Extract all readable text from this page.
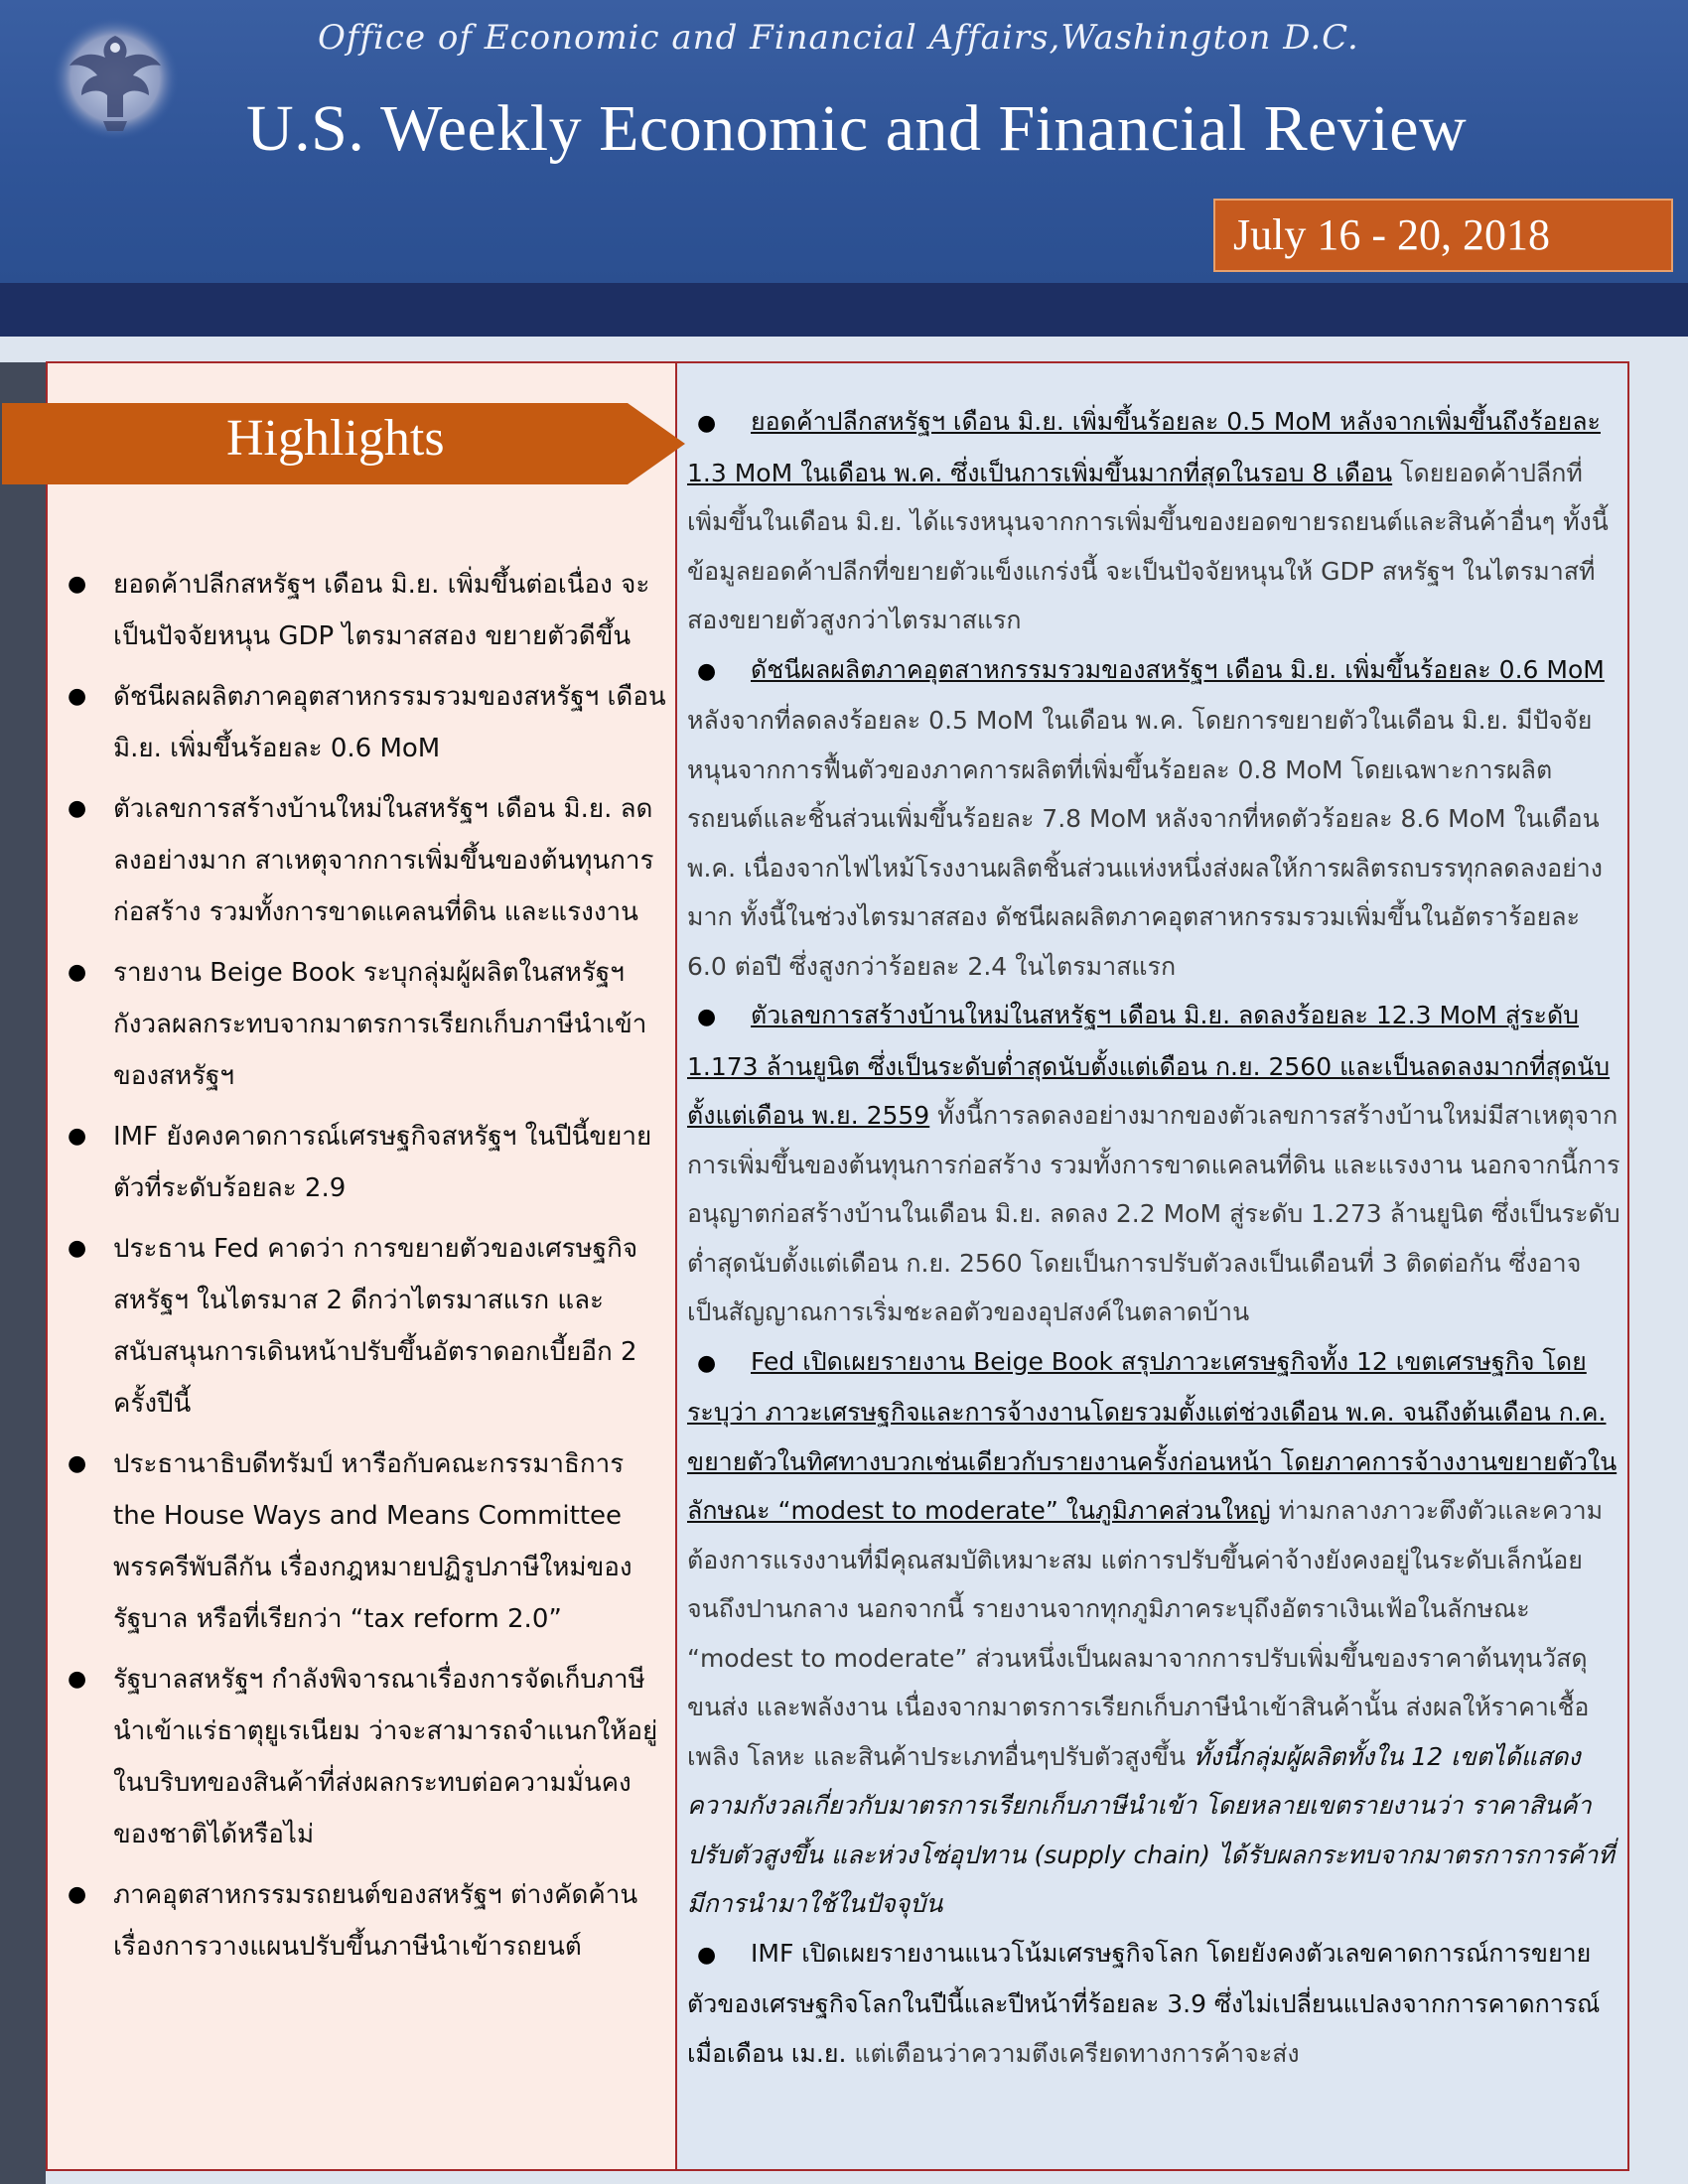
Office of Economic and Financial Affairs,Washington D.C.
U.S. Weekly Economic and Financial Review
July 16 - 20, 2018
Highlights
● ยอดค้าปลีกสหรัฐฯ เดือน มิ.ย. เพิ่มขึ้นต่อเนื่อง จะเป็นปัจจัยหนุน GDP ไตรมาสสอง ขยายตัวดีขึ้น
● ดัชนีผลผลิตภาคอุตสาหกรรมรวมของสหรัฐฯ เดือน มิ.ย. เพิ่มขึ้นร้อยละ 0.6 MoM
● ตัวเลขการสร้างบ้านใหม่ในสหรัฐฯ เดือน มิ.ย. ลดลงอย่างมาก สาเหตุจากการเพิ่มขึ้นของต้นทุนการก่อสร้าง รวมทั้งการขาดแคลนที่ดิน และแรงงาน
● รายงาน Beige Book ระบุกลุ่มผู้ผลิตในสหรัฐฯ กังวลผลกระทบจากมาตรการเรียกเก็บภาษีนำเข้าของสหรัฐฯ
● IMF ยังคงคาดการณ์เศรษฐกิจสหรัฐฯ ในปีนี้ขยายตัวที่ระดับร้อยละ 2.9
● ประธาน Fed คาดว่า การขยายตัวของเศรษฐกิจสหรัฐฯ ในไตรมาส 2 ดีกว่าไตรมาสแรก และสนับสนุนการเดินหน้าปรับขึ้นอัตราดอกเบี้ยอีก 2 ครั้งปีนี้
● ประธานาธิบดีทรัมป์ หารือกับคณะกรรมาธิการ the House Ways and Means Committee พรรครีพับลีกัน เรื่องกฎหมายปฏิรูปภาษีใหม่ของรัฐบาล หรือที่เรียกว่า “tax reform 2.0”
● รัฐบาลสหรัฐฯ กำลังพิจารณาเรื่องการจัดเก็บภาษีนำเข้าแร่ธาตุยูเรเนียม ว่าจะสามารถจำแนกให้อยู่ในบริบทของสินค้าที่ส่งผลกระทบต่อความมั่นคงของชาติได้หรือไม่
● ภาคอุตสาหกรรมรถยนต์ของสหรัฐฯ ต่างคัดค้านเรื่องการวางแผนปรับขึ้นภาษีนำเข้ารถยนต์

● ยอดค้าปลีกสหรัฐฯ เดือน มิ.ย. เพิ่มขึ้นร้อยละ 0.5 MoM หลังจากเพิ่มขึ้นถึงร้อยละ 1.3 MoM ในเดือน พ.ค. ซึ่งเป็นการเพิ่มขึ้นมากที่สุดในรอบ 8 เดือน โดยยอดค้าปลีกที่เพิ่มขึ้นในเดือน มิ.ย. ได้แรงหนุนจากการเพิ่มขึ้นของยอดขายรถยนต์และสินค้าอื่นๆ ทั้งนี้ข้อมูลยอดค้าปลีกที่ขยายตัวแข็งแกร่งนี้ จะเป็นปัจจัยหนุนให้ GDP สหรัฐฯ ในไตรมาสที่สองขยายตัวสูงกว่าไตรมาสแรก

● ดัชนีผลผลิตภาคอุตสาหกรรมรวมของสหรัฐฯ เดือน มิ.ย. เพิ่มขึ้นร้อยละ 0.6 MoM หลังจากที่ลดลงร้อยละ 0.5 MoM ในเดือน พ.ค. โดยการขยายตัวในเดือน มิ.ย. มีปัจจัยหนุนจากการฟื้นตัวของภาคการผลิตที่เพิ่มขึ้นร้อยละ 0.8 MoM โดยเฉพาะการผลิตรถยนต์และชิ้นส่วนเพิ่มขึ้นร้อยละ 7.8 MoM หลังจากที่หดตัวร้อยละ 8.6 MoM ในเดือน พ.ค. เนื่องจากไฟไหม้โรงงานผลิตชิ้นส่วนแห่งหนึ่งส่งผลให้การผลิตรถบรรทุกลดลงอย่างมาก ทั้งนี้ในช่วงไตรมาสสอง ดัชนีผลผลิตภาคอุตสาหกรรมรวมเพิ่มขึ้นในอัตราร้อยละ 6.0 ต่อปี ซึ่งสูงกว่าร้อยละ 2.4 ในไตรมาสแรก

● ตัวเลขการสร้างบ้านใหม่ในสหรัฐฯ เดือน มิ.ย. ลดลงร้อยละ 12.3 MoM สู่ระดับ 1.173 ล้านยูนิต ซึ่งเป็นระดับต่ำสุดนับตั้งแต่เดือน ก.ย. 2560 และเป็นลดลงมากที่สุดนับตั้งแต่เดือน พ.ย. 2559 ทั้งนี้การลดลงอย่างมากของตัวเลขการสร้างบ้านใหม่มีสาเหตุจากการเพิ่มขึ้นของต้นทุนการก่อสร้าง รวมทั้งการขาดแคลนที่ดิน และแรงงาน นอกจากนี้การอนุญาตก่อสร้างบ้านในเดือน มิ.ย. ลดลง 2.2 MoM สู่ระดับ 1.273 ล้านยูนิต ซึ่งเป็นระดับต่ำสุดนับตั้งแต่เดือน ก.ย. 2560 โดยเป็นการปรับตัวลงเป็นเดือนที่ 3 ติดต่อกัน ซึ่งอาจเป็นสัญญาณการเริ่มชะลอตัวของอุปสงค์ในตลาดบ้าน

● Fed เปิดเผยรายงาน Beige Book สรุปภาวะเศรษฐกิจทั้ง 12 เขตเศรษฐกิจ โดยระบุว่า ภาวะเศรษฐกิจและการจ้างงานโดยรวมตั้งแต่ช่วงเดือน พ.ค. จนถึงต้นเดือน ก.ค. ขยายตัวในทิศทางบวกเช่นเดียวกับรายงานครั้งก่อนหน้า โดยภาคการจ้างงานขยายตัวในลักษณะ “modest to moderate” ในภูมิภาคส่วนใหญ่ ท่ามกลางภาวะตึงตัวและความต้องการแรงงานที่มีคุณสมบัติเหมาะสม แต่การปรับขึ้นค่าจ้างยังคงอยู่ในระดับเล็กน้อยจนถึงปานกลาง นอกจากนี้ รายงานจากทุกภูมิภาคระบุถึงอัตราเงินเฟ้อในลักษณะ “modest to moderate” ส่วนหนึ่งเป็นผลมาจากการปรับเพิ่มขึ้นของราคาต้นทุนวัสดุ ขนส่ง และพลังงาน เนื่องจากมาตรการเรียกเก็บภาษีนำเข้าสินค้านั้น ส่งผลให้ราคาเชื้อเพลิง โลหะ และสินค้าประเภทอื่นๆปรับตัวสูงขึ้น ทั้งนี้กลุ่มผู้ผลิตทั้งใน 12 เขตได้แสดงความกังวลเกี่ยวกับมาตรการเรียกเก็บภาษีนำเข้า โดยหลายเขตรายงานว่า ราคาสินค้าปรับตัวสูงขึ้น และห่วงโซ่อุปทาน (supply chain) ได้รับผลกระทบจากมาตรการการค้าที่มีการนำมาใช้ในปัจจุบัน

● IMF เปิดเผยรายงานแนวโน้มเศรษฐกิจโลก โดยยังคงตัวเลขคาดการณ์การขยายตัวของเศรษฐกิจโลกในปีนี้และปีหน้าที่ร้อยละ 3.9 ซึ่งไม่เปลี่ยนแปลงจากการคาดการณ์เมื่อเดือน เม.ย. แต่เตือนว่าความตึงเครียดทางการค้าจะส่ง
